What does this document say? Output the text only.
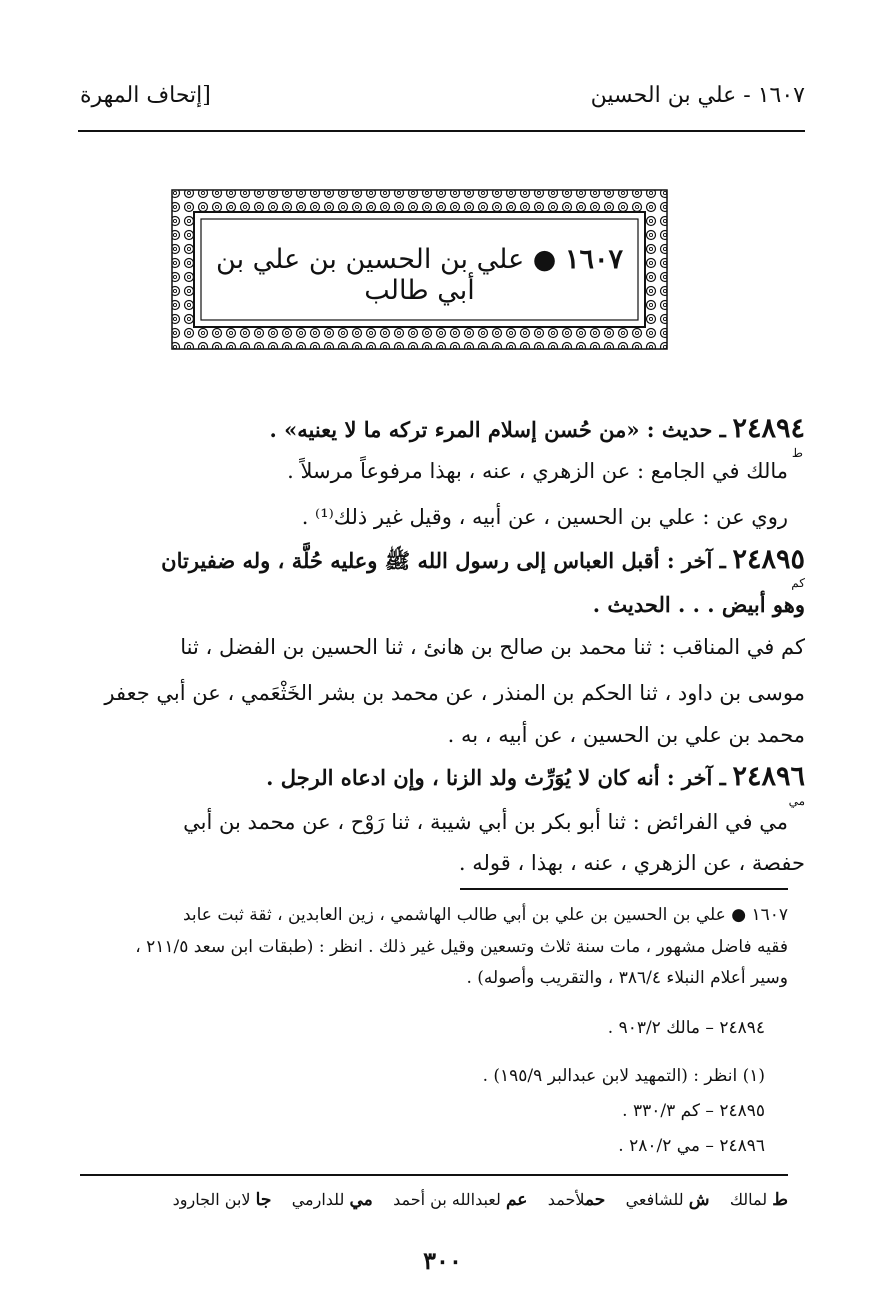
١٦٠٧ - علي بن الحسين
[إتحاف المهرة
١٦٠٧ ● علي بن الحسين بن علي بن أبي طالب
٢٤٨٩٤ ـ حديث : «من حُسن إسلام المرء تركه ما لا يعنيه» .
ط
مالك في الجامع : عن الزهري ، عنه ، بهذا مرفوعاً مرسلاً .
روي عن : علي بن الحسين ، عن أبيه ، وقيل غير ذلك⁽¹⁾ .
٢٤٨٩٥ ـ آخر : أقبل العباس إلى رسول الله ﷺ وعليه حُلَّة ، وله ضفيرتان
كم
وهو أبيض . . . الحديث .
كم في المناقب : ثنا محمد بن صالح بن هانئ ، ثنا الحسين بن الفضل ، ثنا
موسى بن داود ، ثنا الحكم بن المنذر ، عن محمد بن بشر الخَثْعَمي ، عن أبي جعفر
محمد بن علي بن الحسين ، عن أبيه ، به .
٢٤٨٩٦ ـ آخر : أنه كان لا يُوَرِّث ولد الزنا ، وإن ادعاه الرجل .
مي
مي في الفرائض : ثنا أبو بكر بن أبي شيبة ، ثنا رَوْح ، عن محمد بن أبي
حفصة ، عن الزهري ، عنه ، بهذا ، قوله .
١٦٠٧ ● علي بن الحسين بن علي بن أبي طالب الهاشمي ، زين العابدين ، ثقة ثبت عابد
فقيه فاضل مشهور ، مات سنة ثلاث وتسعين وقيل غير ذلك . انظر : (طبقات ابن سعد ٢١١/٥ ،
وسير أعلام النبلاء ٣٨٦/٤ ، والتقريب وأصوله) .
٢٤٨٩٤ – مالك ٩٠٣/٢ .
(١) انظر : (التمهيد لابن عبدالبر ١٩٥/٩) .
٢٤٨٩٥ – كم ٣٣٠/٣ .
٢٤٨٩٦ – مي ٢٨٠/٢ .
ط لمالك    ش للشافعي    حملأحمد    عم لعبدالله بن أحمد    مي للدارمي    جا لابن الجارود
٣٠٠
